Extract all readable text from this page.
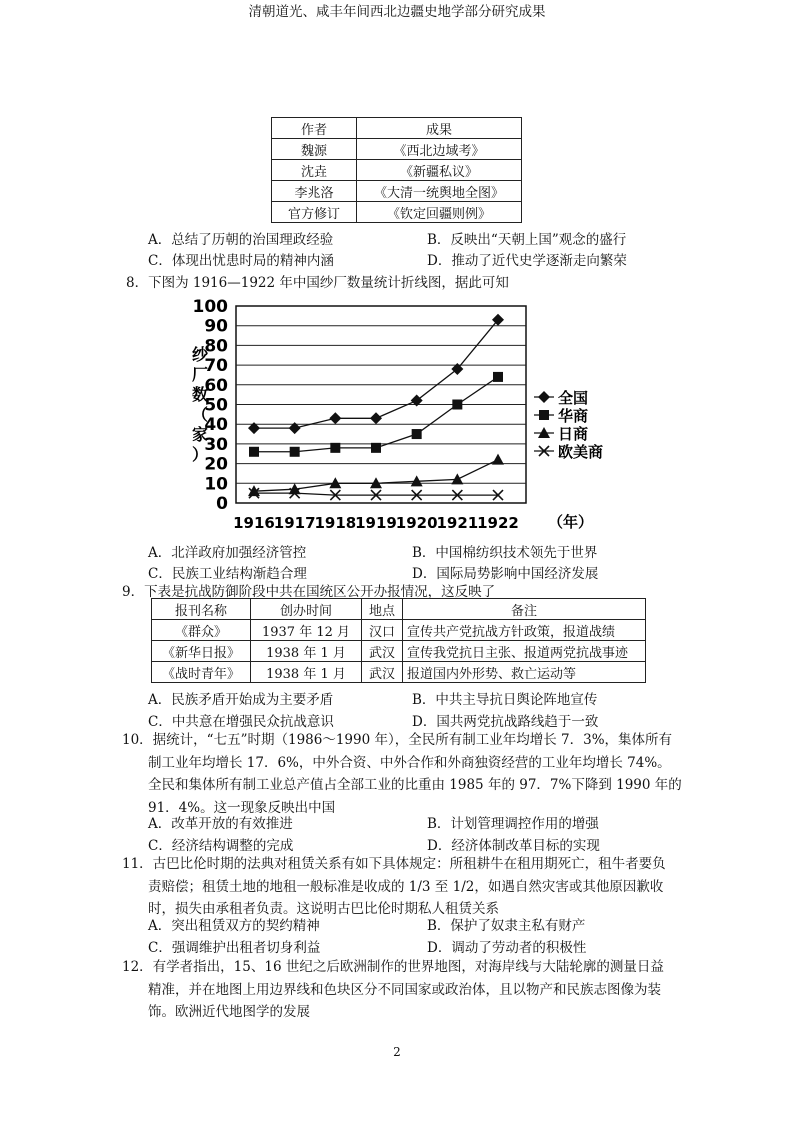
清朝道光、咸丰年间西北边疆史地学部分研究成果
作者	成果
魏源	《西北边域考》
沈垚	《新疆私议》
李兆洛	《大清一统舆地全图》
官方修订	《钦定回疆则例》
A．总结了历朝的治国理政经验	B．反映出“天朝上国”观念的盛行
C．体现出忧患时局的精神内涵	D．推动了近代史学逐渐走向繁荣
8．下图为 1916—1922 年中国纱厂数量统计折线图，据此可知
0
10
20
30
40
50
60
70
80
90
100
1916
1917
1918
1919
1920
1921
1922
纱厂数（家）
（年）
全国
华商
日商
欧美商
A．北洋政府加强经济管控	B．中国棉纺织技术领先于世界
C．民族工业结构渐趋合理	D．国际局势影响中国经济发展
9．下表是抗战防御阶段中共在国统区公开办报情况，这反映了
报刊名称	创办时间	地点	备注
《群众》	1937 年 12 月	汉口	宣传共产党抗战方针政策，报道战绩
《新华日报》	1938 年 1 月	武汉	宣传我党抗日主张、报道两党抗战事迹
《战时青年》	1938 年 1 月	武汉	报道国内外形势、救亡运动等
A．民族矛盾开始成为主要矛盾	B．中共主导抗日舆论阵地宣传
C．中共意在增强民众抗战意识	D．国共两党抗战路线趋于一致
10．据统计，“七五”时期（1986～1990 年），全民所有制工业年均增长 7．3%，集体所有
制工业年均增长 17．6%，中外合资、中外合作和外商独资经营的工业年均增长 74%。
全民和集体所有制工业总产值占全部工业的比重由 1985 年的 97．7%下降到 1990 年的
91．4%。这一现象反映出中国
A．改革开放的有效推进	B．计划管理调控作用的增强
C．经济结构调整的完成	D．经济体制改革目标的实现
11．古巴比伦时期的法典对租赁关系有如下具体规定：所租耕牛在租用期死亡，租牛者要负
责赔偿；租赁土地的地租一般标准是收成的 1/3 至 1/2，如遇自然灾害或其他原因歉收
时，损失由承租者负责。这说明古巴比伦时期私人租赁关系
A．突出租赁双方的契约精神	B．保护了奴隶主私有财产
C．强调维护出租者切身利益	D．调动了劳动者的积极性
12．有学者指出，15、16 世纪之后欧洲制作的世界地图，对海岸线与大陆轮廓的测量日益
精准，并在地图上用边界线和色块区分不同国家或政治体，且以物产和民族志图像为装
饰。欧洲近代地图学的发展
2
